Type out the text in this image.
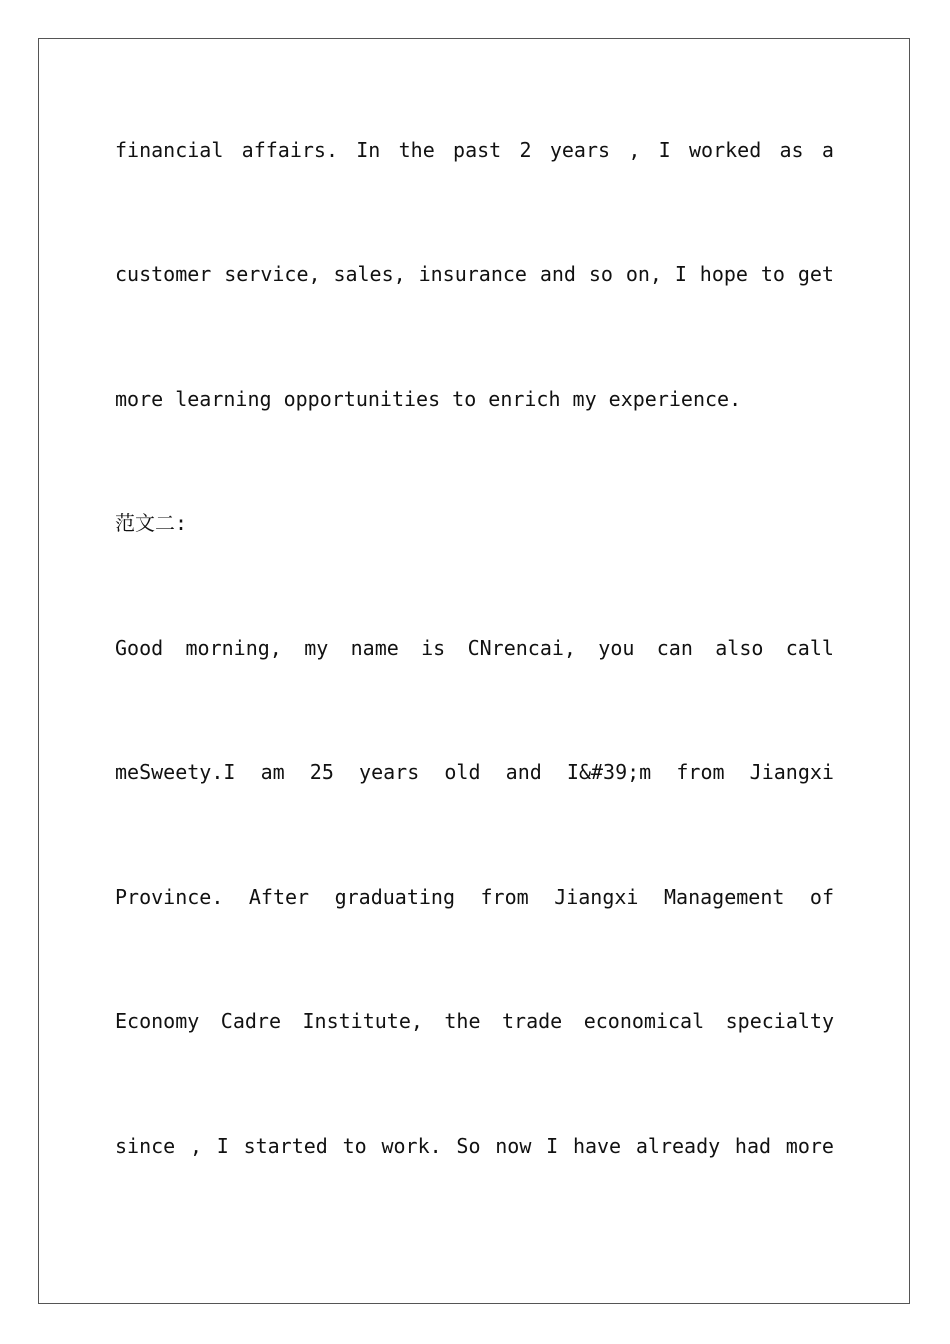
financial affairs. In the past 2 years , I worked as a
customer service, sales, insurance and so on, I hope to get
more learning opportunities to enrich my experience.
范文二:
Good morning, my name is CNrencai, you can also call
meSweety.I am 25 years old and I&#39;m from Jiangxi
Province. After graduating from Jiangxi Management of
Economy Cadre Institute, the trade economical specialty
since , I started to work. So now I have already had more
